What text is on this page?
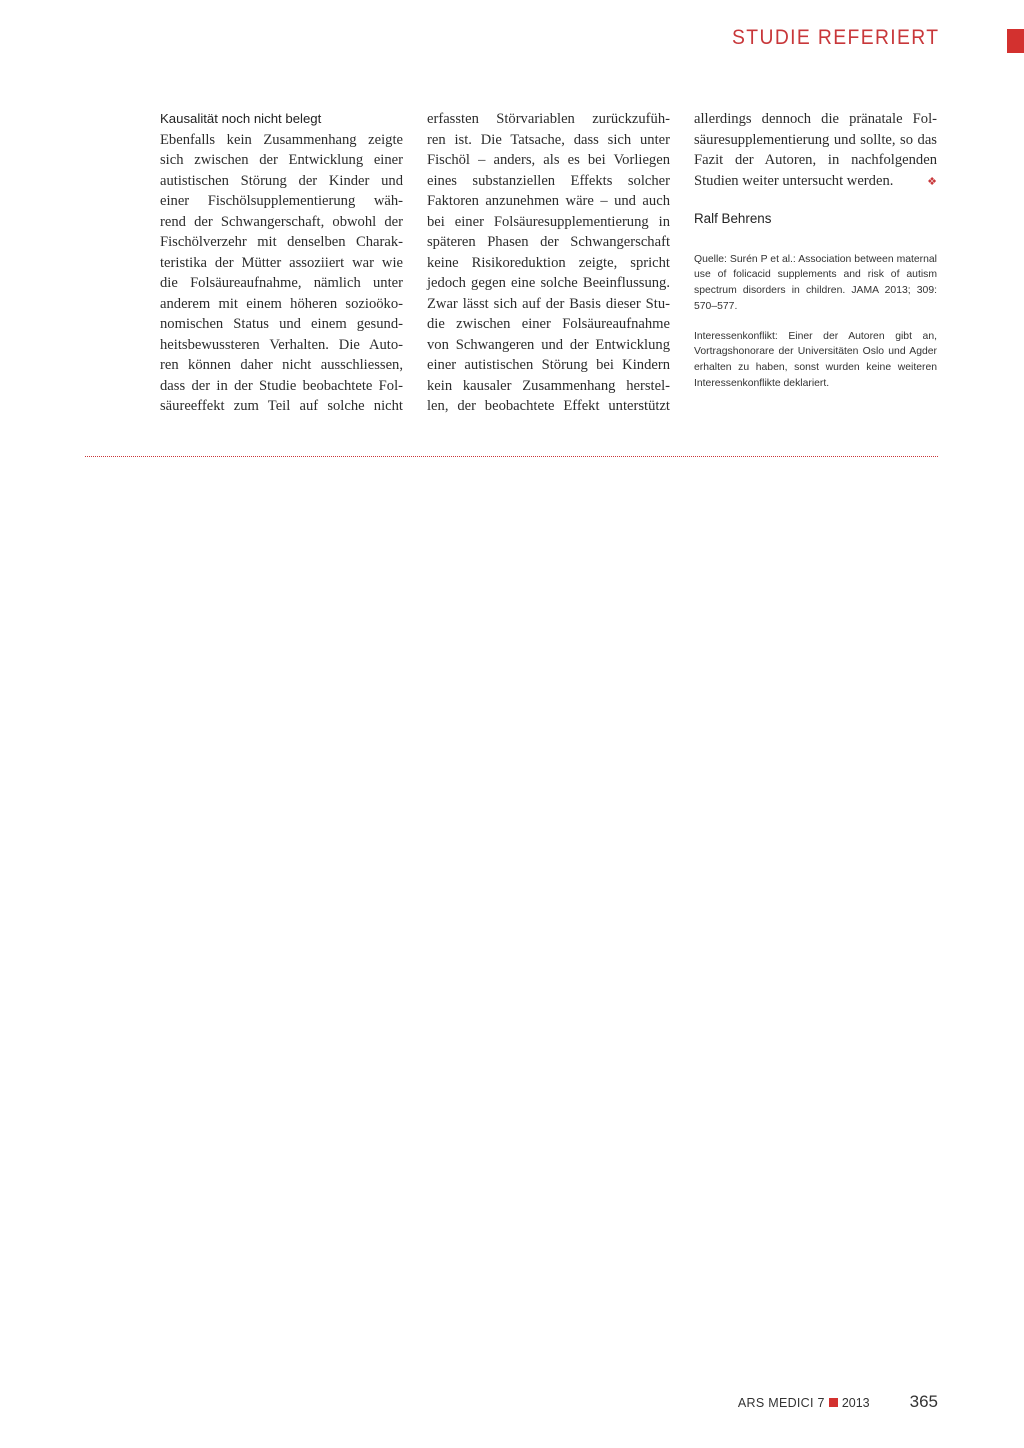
STUDIE REFERIERT
Kausalität noch nicht belegt

Ebenfalls kein Zusammenhang zeigte

sich zwischen der Entwicklung einer

autistischen Störung der Kinder und

einer Fischölsupplementierung wäh-

rend der Schwangerschaft, obwohl der

Fischölverzehr mit denselben Charak-

teristika der Mütter assoziiert war wie

die Folsäureaufnahme, nämlich unter

anderem mit einem höheren sozioöko-

nomischen Status und einem gesund-

heitsbewussteren Verhalten. Die Auto-

ren können daher nicht ausschliessen,

dass der in der Studie beobachtete Fol-

säureeffekt zum Teil auf solche nicht

erfassten Störvariablen zurückzufüh-

ren ist. Die Tatsache, dass sich unter

Fischöl – anders, als es bei Vorliegen

eines substanziellen Effekts solcher

Faktoren anzunehmen wäre – und auch

bei einer Folsäuresupplementierung in

späteren Phasen der Schwangerschaft

keine Risikoreduktion zeigte, spricht

jedoch gegen eine solche Beeinflussung.

Zwar lässt sich auf der Basis dieser Stu-

die zwischen einer Folsäureaufnahme

von Schwangeren und der Entwicklung

einer autistischen Störung bei Kindern

kein kausaler Zusammenhang herstel-

len, der beobachtete Effekt unterstützt

allerdings dennoch die pränatale Fol-

säuresupplementierung und sollte, so das

Fazit der Autoren, in nachfolgenden

Studien weiter untersucht werden.	❖

Ralf Behrens

Quelle: Surén P et al.: Association between maternal use of folicacid supplements and risk of autism spectrum disorders in children. JAMA 2013; 309: 570–577.

Interessenkonflikt: Einer der Autoren gibt an, Vortragshonorare der Universitäten Oslo und Agder erhalten zu haben, sonst wurden keine weiteren Interessenkonflikte deklariert.

ARS MEDICI 7 2013 365
